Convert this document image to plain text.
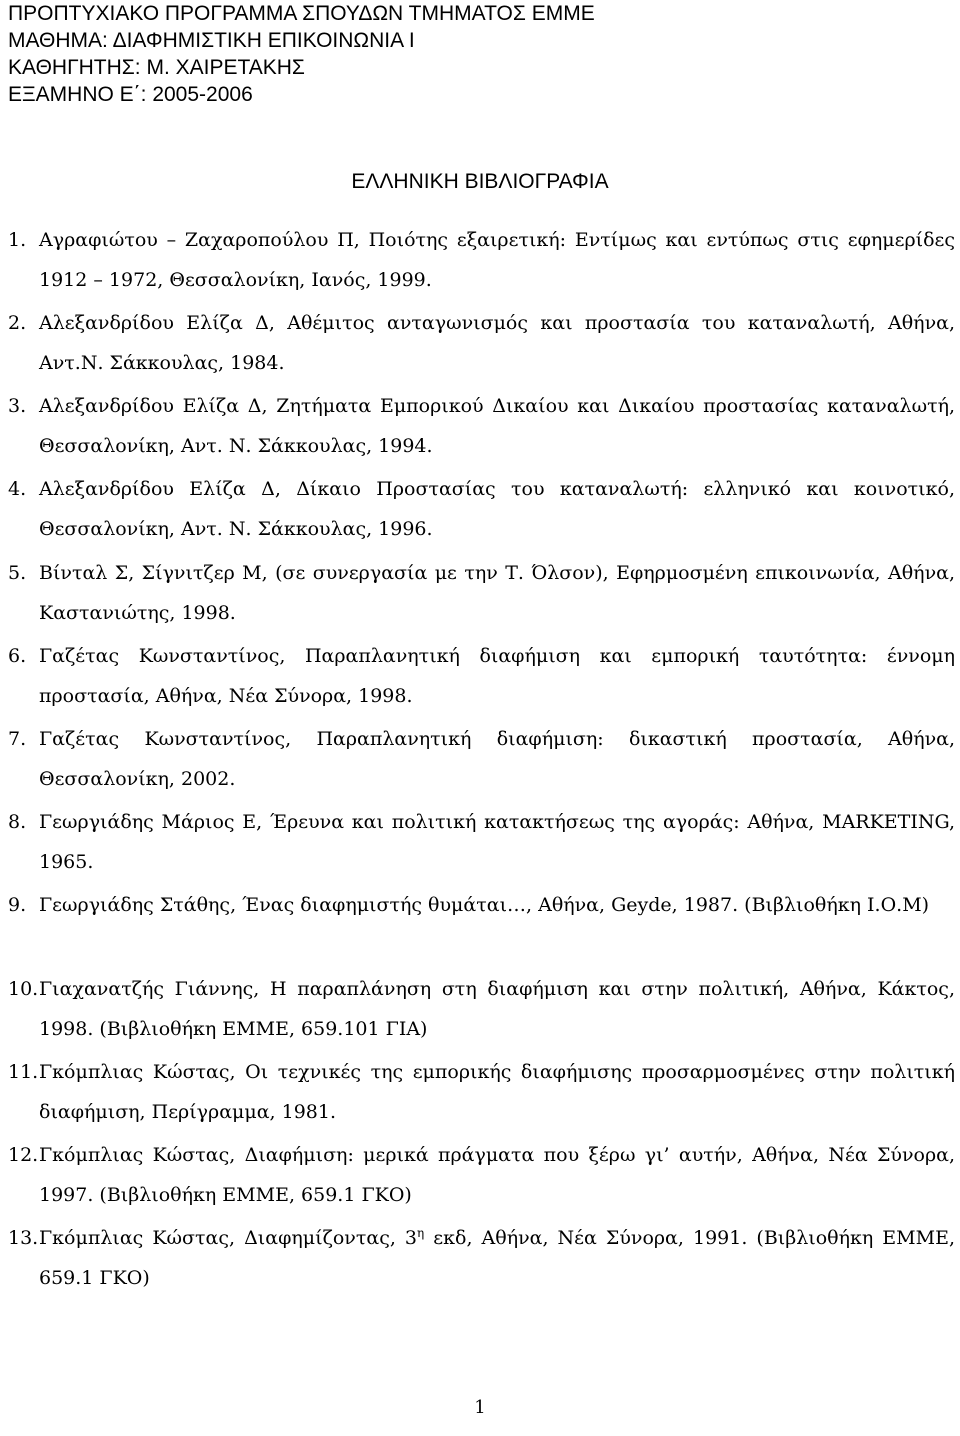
ΠΡΟΠΤΥΧΙΑΚΟ ΠΡΟΓΡΑΜΜΑ ΣΠΟΥΔΩΝ ΤΜΗΜΑΤΟΣ ΕΜΜΕ
ΜΑΘΗΜΑ: ΔΙΑΦΗΜΙΣΤΙΚΗ ΕΠΙΚΟΙΝΩΝΙΑ Ι
ΚΑΘΗΓΗΤΗΣ: Μ. ΧΑΙΡΕΤΑΚΗΣ
ΕΞΑΜΗΝΟ Ε΄: 2005-2006
ΕΛΛΗΝΙΚΗ ΒΙΒΛΙΟΓΡΑΦΙΑ
1. Αγραφιώτου – Ζαχαροπούλου Π, Ποιότης εξαιρετική: Εντίμως και εντύπως στις εφημερίδες 1912 – 1972, Θεσσαλονίκη, Ιανός, 1999.
2. Αλεξανδρίδου Ελίζα Δ, Αθέμιτος ανταγωνισμός και προστασία του καταναλωτή, Αθήνα, Αντ.Ν. Σάκκουλας, 1984.
3. Αλεξανδρίδου Ελίζα Δ, Ζητήματα Εμπορικού Δικαίου και Δικαίου προστασίας καταναλωτή, Θεσσαλονίκη, Αντ. Ν. Σάκκουλας, 1994.
4. Αλεξανδρίδου Ελίζα Δ, Δίκαιο Προστασίας του καταναλωτή: ελληνικό και κοινοτικό, Θεσσαλονίκη, Αντ. Ν. Σάκκουλας, 1996.
5. Βίνταλ Σ, Σίγνιτζερ Μ, (σε συνεργασία με την Τ. Όλσον), Εφηρμοσμένη επικοινωνία, Αθήνα, Καστανιώτης, 1998.
6. Γαζέτας Κωνσταντίνος, Παραπλανητική διαφήμιση και εμπορική ταυτότητα: έννομη προστασία, Αθήνα, Νέα Σύνορα, 1998.
7. Γαζέτας Κωνσταντίνος, Παραπλανητική διαφήμιση: δικαστική προστασία, Αθήνα, Θεσσαλονίκη, 2002.
8. Γεωργιάδης Μάριος Ε, Έρευνα και πολιτική κατακτήσεως της αγοράς: Αθήνα, MARKETING, 1965.
9. Γεωργιάδης Στάθης, Ένας διαφημιστής θυμάται…, Αθήνα, Geyde, 1987. (Βιβλιοθήκη Ι.Ο.Μ)
10. Γιαχανατζής Γιάννης, Η παραπλάνηση στη διαφήμιση και στην πολιτική, Αθήνα, Κάκτος, 1998. (Βιβλιοθήκη ΕΜΜΕ, 659.101 ΓΙΑ)
11. Γκόμπλιας Κώστας, Οι τεχνικές της εμπορικής διαφήμισης προσαρμοσμένες στην πολιτική διαφήμιση, Περίγραμμα, 1981.
12. Γκόμπλιας Κώστας, Διαφήμιση: μερικά πράγματα που ξέρω γι’ αυτήν, Αθήνα, Νέα Σύνορα, 1997. (Βιβλιοθήκη ΕΜΜΕ, 659.1 ΓΚΟ)
13. Γκόμπλιας Κώστας, Διαφημίζοντας, $3^\eta$ εκδ, Αθήνα, Νέα Σύνορα, 1991. (Βιβλιοθήκη ΕΜΜΕ, 659.1 ΓΚΟ)
1
